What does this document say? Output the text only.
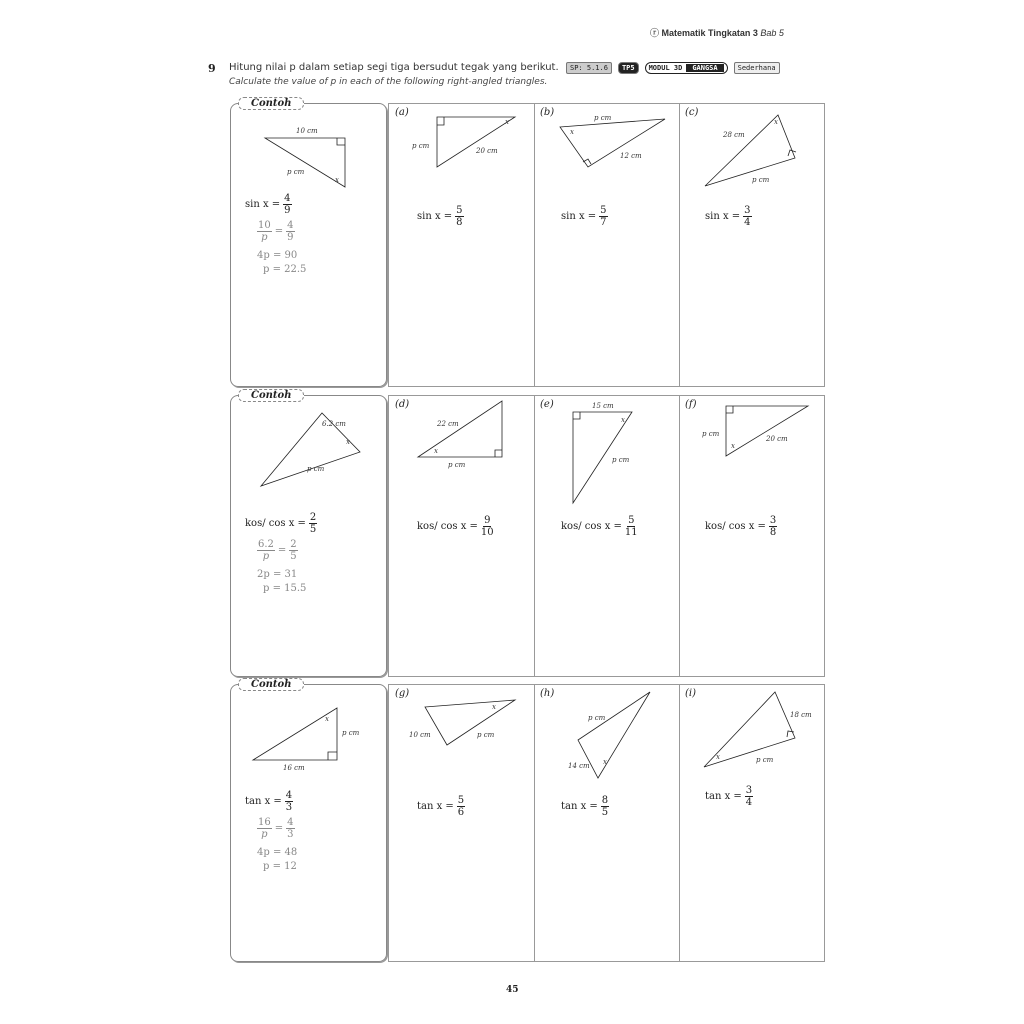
ⓡ Matematik Tingkatan 3 Bab 5
9 Hitung nilai p dalam setiap segi tiga bersudut tegak yang berikut.
Calculate the value of p in each of the following right-angled triangles.
SP: 5.1.6	TP5	MODUL 3D GANGSA	Sederhana
Contoh
Contoh
Contoh
(a)	(b)	(c)
(d)	(e)	(f)
(g)	(h)	(i)
10 cm
p cm
x
p cm
20 cm
x	p cm
12 cm
x	28 cm
p cm
x
6.2 cm
p cm
x
22 cm
p cm
x
15 cm
p cm
x
p cm
20 cm
x
p cm
16 cm
x
10 cm	p cm
x
p cm
14 cm x
18 cm
p cm
x
$\sin x = \frac{4}{9}$
$\frac{10}{p} = \frac{4}{9}$
4p = 90
p = 22.5
kos/ $\cos x = \frac{2}{5}$
$\frac{6.2}{p} = \frac{2}{5}$
2p = 31
p = 15.5
$\tan x = \frac{4}{3}$
$\frac{16}{p} = \frac{4}{3}$
4p = 48
p = 12
$\sin x = \frac{5}{8}$	$\sin x = \frac{5}{7}$	$\sin x = \frac{3}{4}$
kos/ $\cos x = \frac{9}{10}$	kos/ $\cos x = \frac{5}{11}$	kos/ $\cos x = \frac{3}{8}$
$\tan x = \frac{5}{6}$	$\tan x = \frac{8}{5}$	$\tan x = \frac{3}{4}$
45
